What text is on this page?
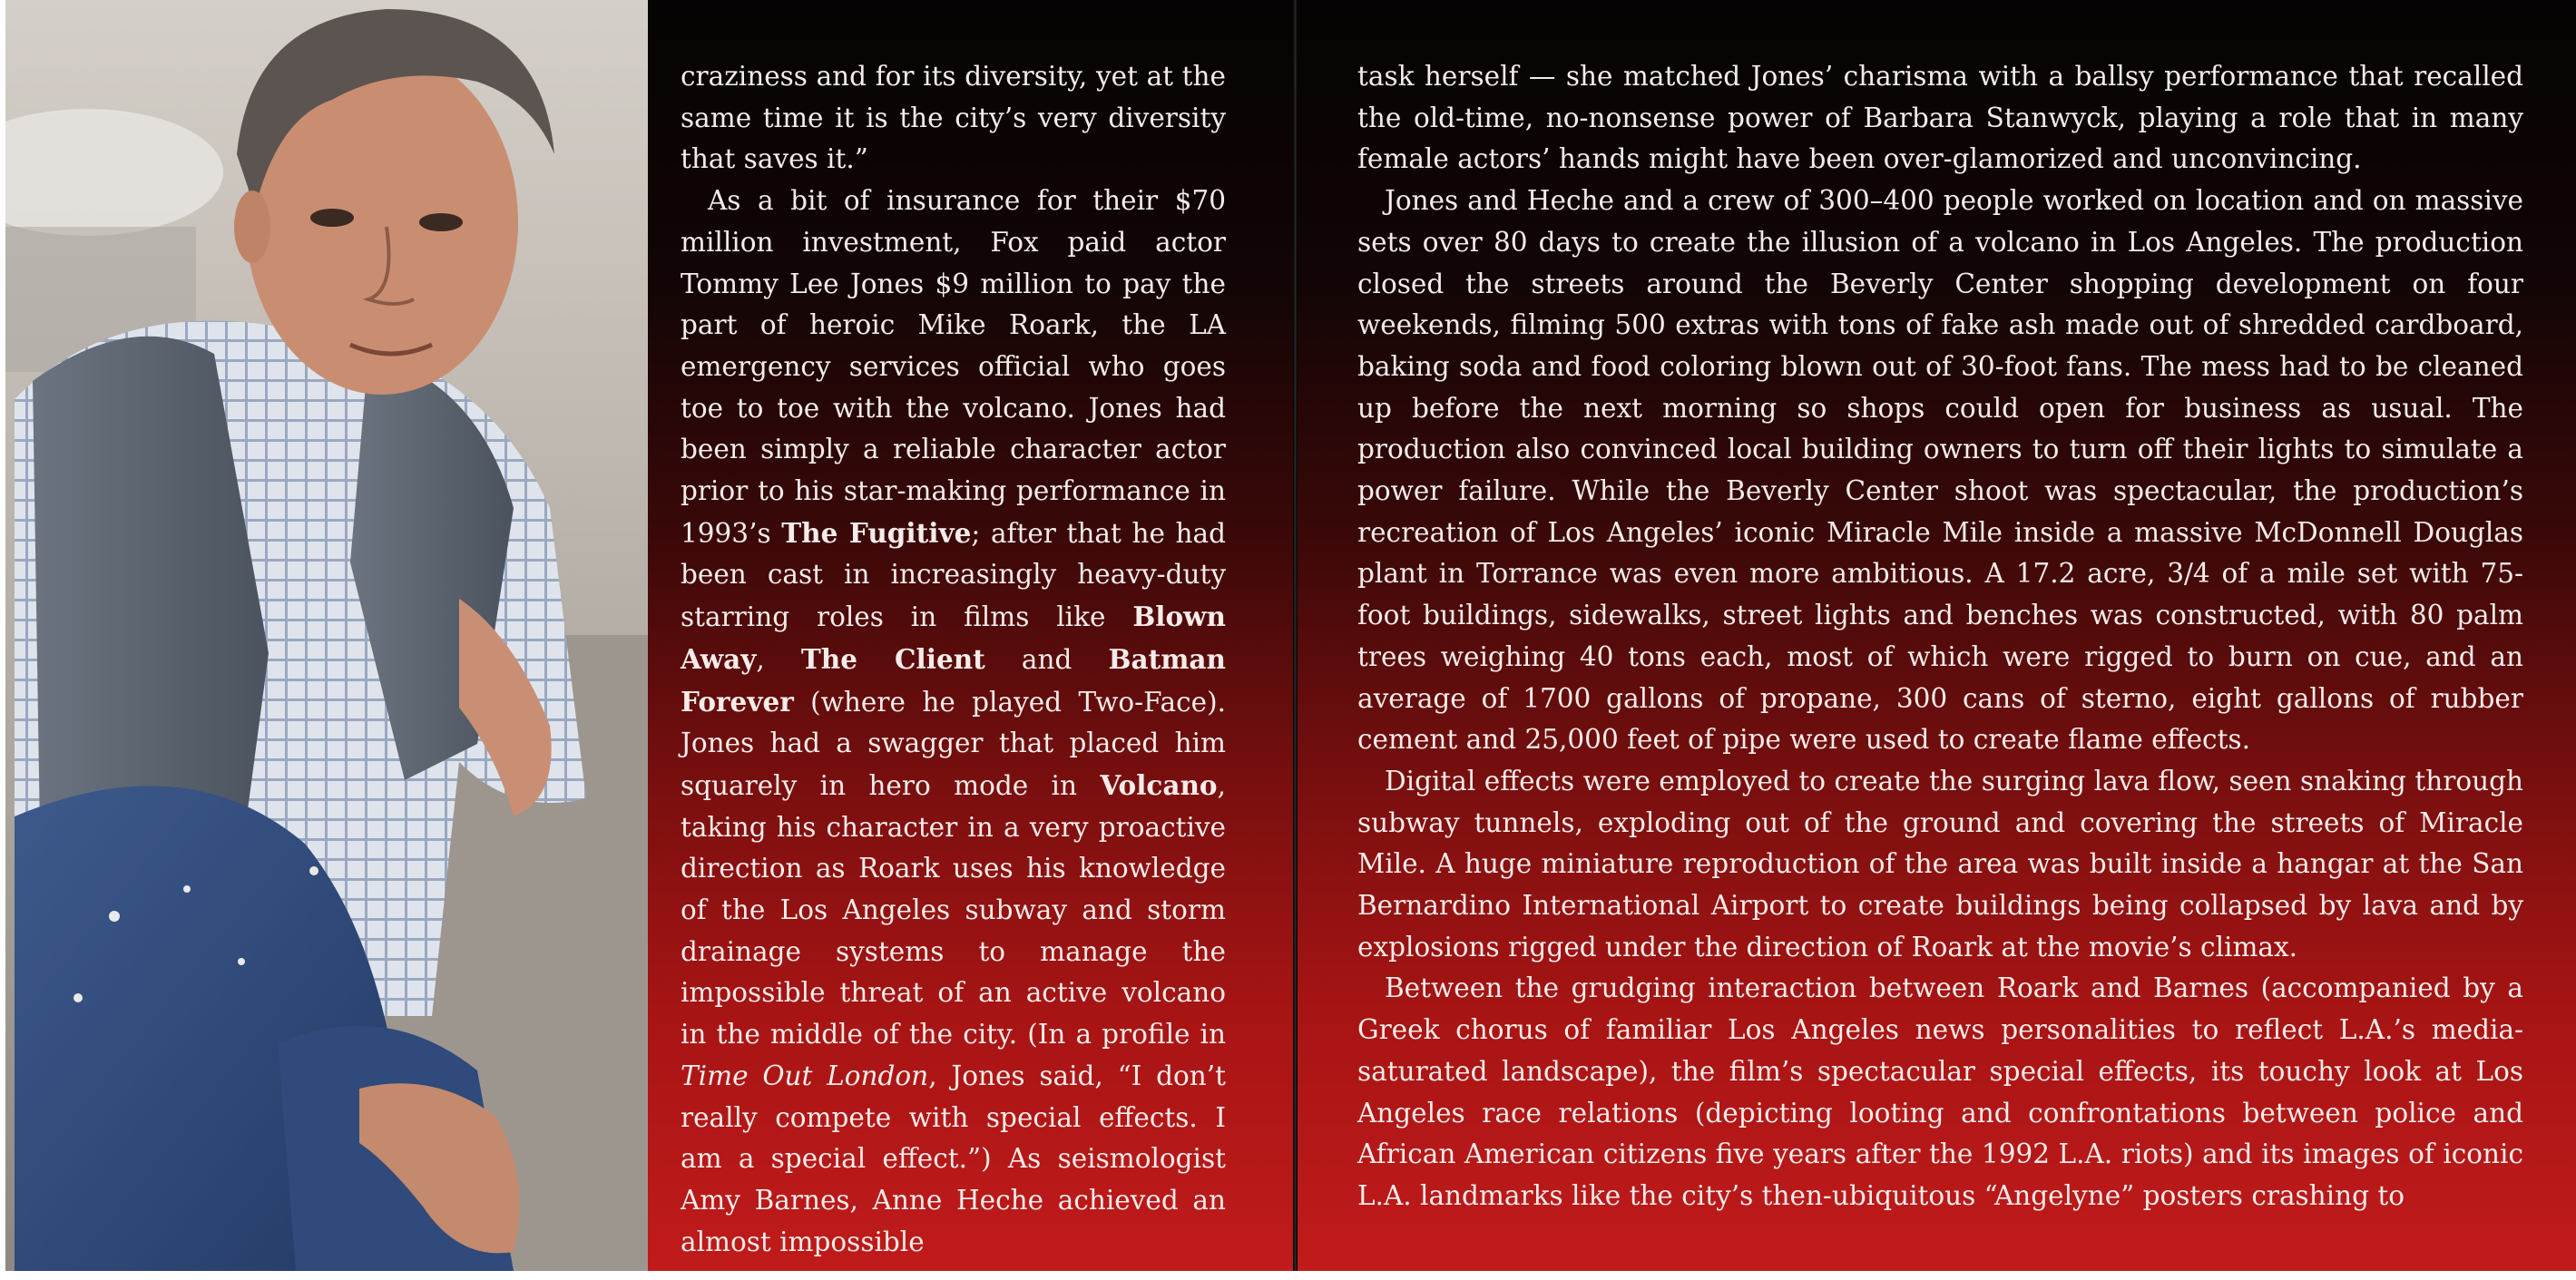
craziness and for its diversity, yet at the same time it is the city’s very diversity that saves it.”

As a bit of insurance for their $70 million investment, Fox paid actor Tommy Lee Jones $9 million to pay the part of heroic Mike Roark, the LA emergency services official who goes toe to toe with the volcano. Jones had been simply a reliable character actor prior to his star-making performance in 1993’s The Fugitive; after that he had been cast in increasingly heavy-duty starring roles in films like Blown Away, The Client and Batman Forever (where he played Two-Face). Jones had a swagger that placed him squarely in hero mode in Volcano, taking his character in a very proactive direction as Roark uses his knowledge of the Los Angeles subway and storm drainage systems to manage the impossible threat of an active volcano in the middle of the city. (In a profile in Time Out London, Jones said, “I don’t really compete with special effects. I am a special effect.”) As seismologist Amy Barnes, Anne Heche achieved an almost impossible

task herself — she matched Jones’ charisma with a ballsy performance that recalled the old-time, no-nonsense power of Barbara Stanwyck, playing a role that in many female actors’ hands might have been over-glamorized and unconvincing.

Jones and Heche and a crew of 300–400 people worked on location and on massive sets over 80 days to create the illusion of a volcano in Los Angeles. The production closed the streets around the Beverly Center shopping development on four weekends, filming 500 extras with tons of fake ash made out of shredded cardboard, baking soda and food coloring blown out of 30-foot fans. The mess had to be cleaned up before the next morning so shops could open for business as usual. The production also convinced local building owners to turn off their lights to simulate a power failure. While the Beverly Center shoot was spectacular, the production’s recreation of Los Angeles’ iconic Miracle Mile inside a massive McDonnell Douglas plant in Torrance was even more ambitious. A 17.2 acre, 3/4 of a mile set with 75-foot buildings, sidewalks, street lights and benches was constructed, with 80 palm trees weighing 40 tons each, most of which were rigged to burn on cue, and an average of 1700 gallons of propane, 300 cans of sterno, eight gallons of rubber cement and 25,000 feet of pipe were used to create flame effects.

Digital effects were employed to create the surging lava flow, seen snaking through subway tunnels, exploding out of the ground and covering the streets of Miracle Mile. A huge miniature reproduction of the area was built inside a hangar at the San Bernardino International Airport to create buildings being collapsed by lava and by explosions rigged under the direction of Roark at the movie’s climax.

Between the grudging interaction between Roark and Barnes (accompanied by a Greek chorus of familiar Los Angeles news personalities to reflect L.A.’s media-saturated landscape), the film’s spectacular special effects, its touchy look at Los Angeles race relations (depicting looting and confrontations between police and African American citizens five years after the 1992 L.A. riots) and its images of iconic L.A. landmarks like the city’s then-ubiquitous “Angelyne” posters crashing to
